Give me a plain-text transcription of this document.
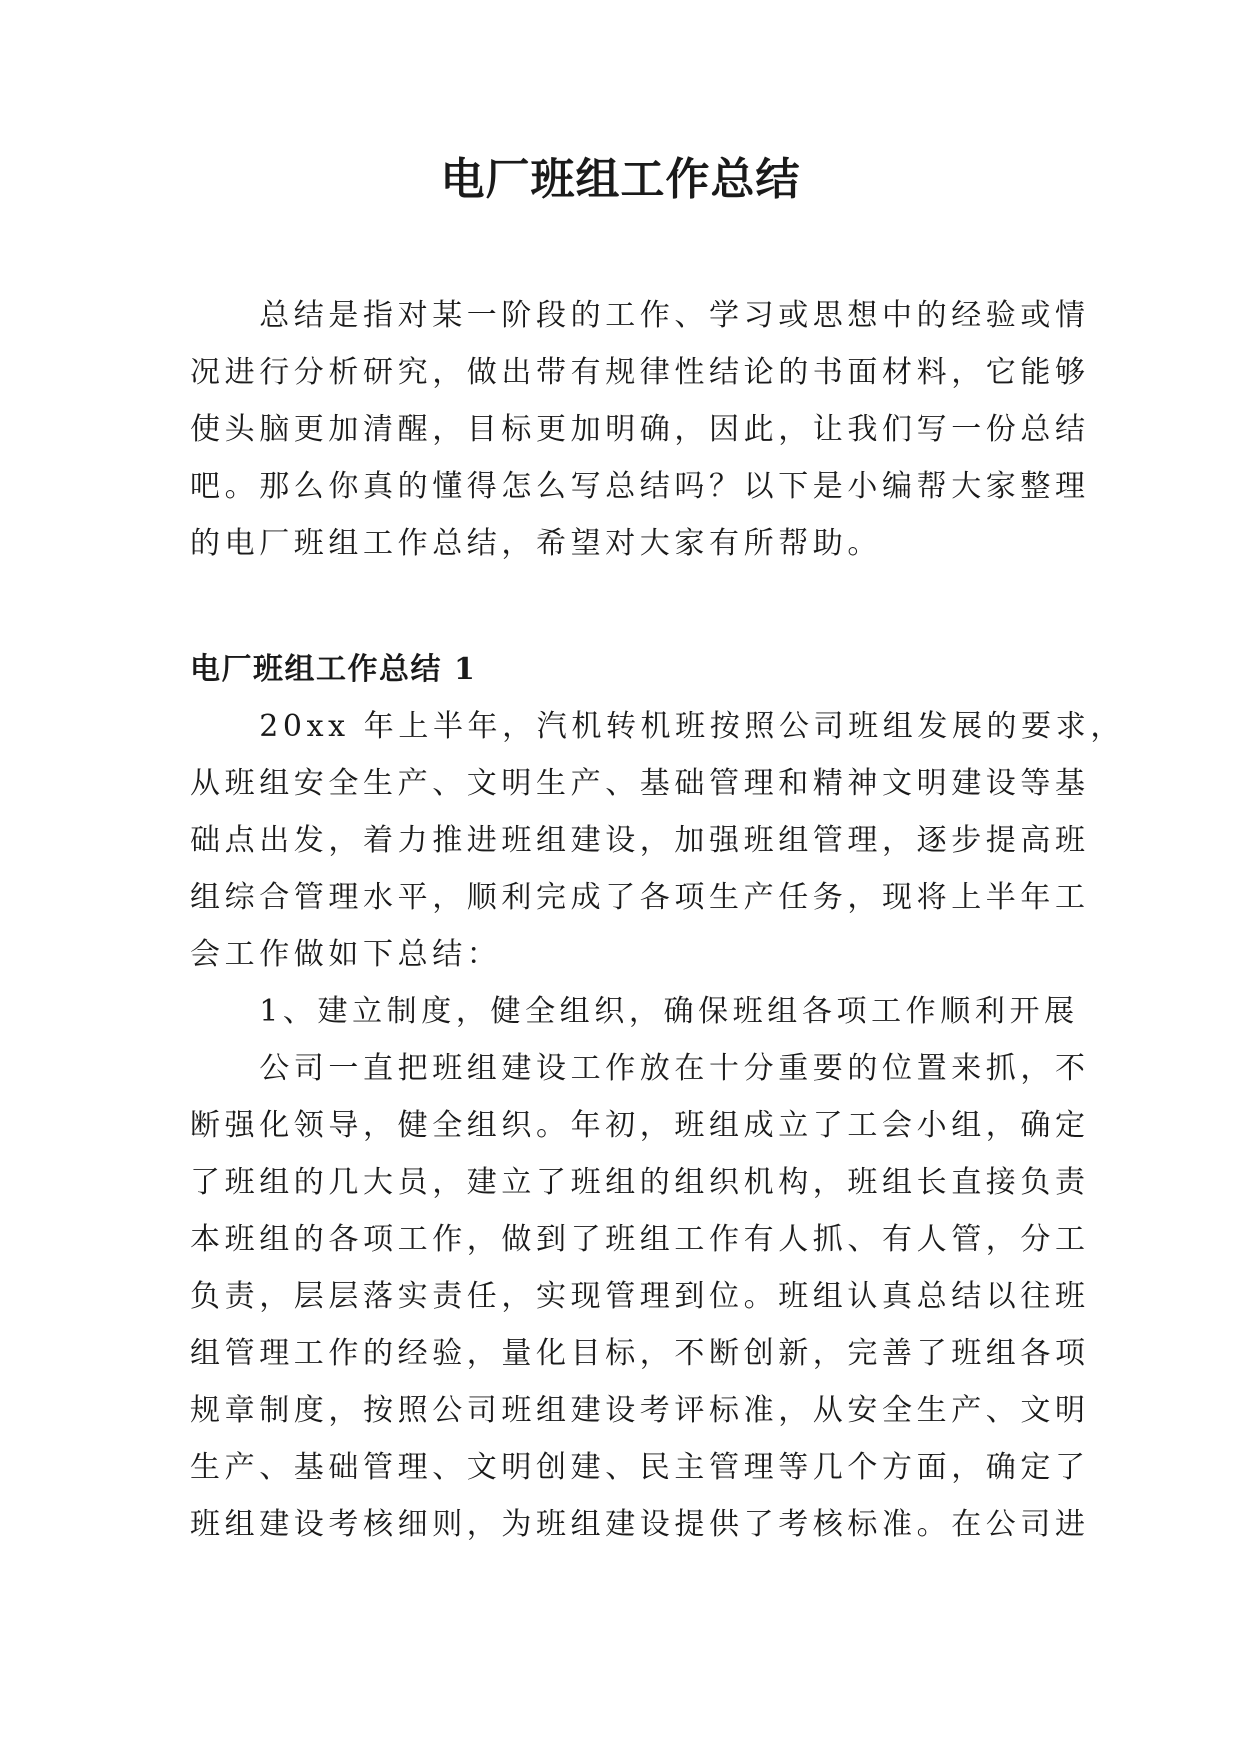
电厂班组工作总结
　　总结是指对某一阶段的工作、学习或思想中的经验或情
况进行分析研究，做出带有规律性结论的书面材料，它能够
使头脑更加清醒，目标更加明确，因此，让我们写一份总结
吧。那么你真的懂得怎么写总结吗？以下是小编帮大家整理
的电厂班组工作总结，希望对大家有所帮助。
电厂班组工作总结 1
　　20xx 年上半年，汽机转机班按照公司班组发展的要求，
从班组安全生产、文明生产、基础管理和精神文明建设等基
础点出发，着力推进班组建设，加强班组管理，逐步提高班
组综合管理水平，顺利完成了各项生产任务，现将上半年工
会工作做如下总结：
　　1、建立制度，健全组织，确保班组各项工作顺利开展
　　公司一直把班组建设工作放在十分重要的位置来抓，不
断强化领导，健全组织。年初，班组成立了工会小组，确定
了班组的几大员，建立了班组的组织机构，班组长直接负责
本班组的各项工作，做到了班组工作有人抓、有人管，分工
负责，层层落实责任，实现管理到位。班组认真总结以往班
组管理工作的经验，量化目标，不断创新，完善了班组各项
规章制度，按照公司班组建设考评标准，从安全生产、文明
生产、基础管理、文明创建、民主管理等几个方面，确定了
班组建设考核细则，为班组建设提供了考核标准。在公司进
